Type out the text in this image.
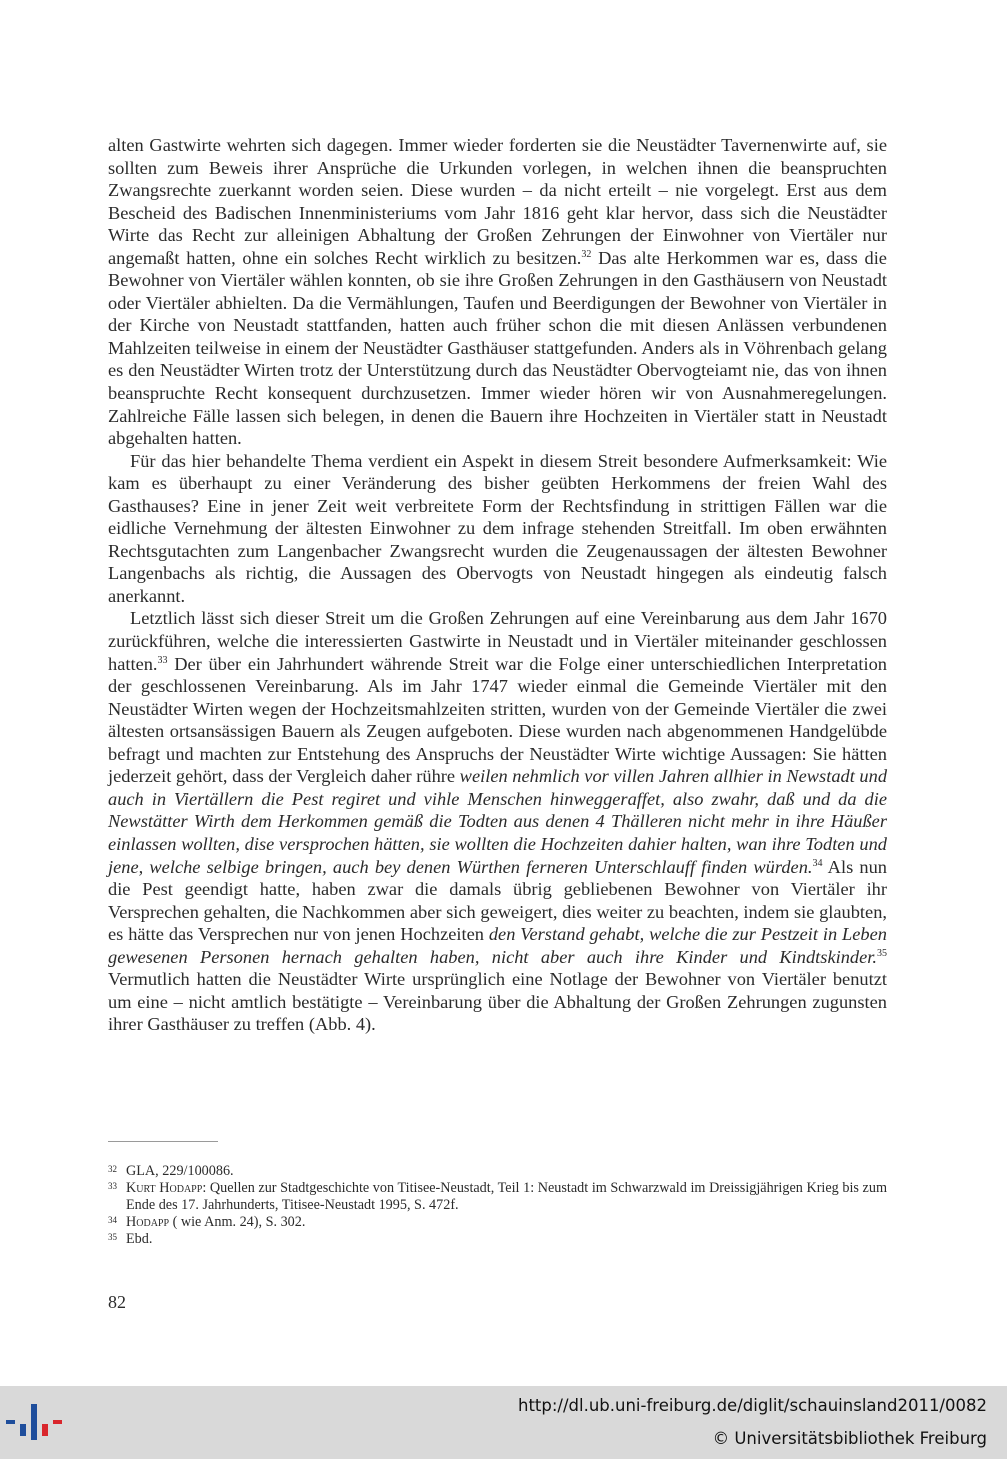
alten Gastwirte wehrten sich dagegen. Immer wieder forderten sie die Neustädter Tavernenwirte auf, sie sollten zum Beweis ihrer Ansprüche die Urkunden vorlegen, in welchen ihnen die beanspruchten Zwangsrechte zuerkannt worden seien. Diese wurden – da nicht erteilt – nie vorgelegt. Erst aus dem Bescheid des Badischen Innenministeriums vom Jahr 1816 geht klar hervor, dass sich die Neustädter Wirte das Recht zur alleinigen Abhaltung der Großen Zehrungen der Einwohner von Viertäler nur angemaßt hatten, ohne ein solches Recht wirklich zu besitzen.$^{32}$ Das alte Herkommen war es, dass die Bewohner von Viertäler wählen konnten, ob sie ihre Großen Zehrungen in den Gasthäusern von Neustadt oder Viertäler abhielten. Da die Vermählungen, Taufen und Beerdigungen der Bewohner von Viertäler in der Kirche von Neustadt stattfanden, hatten auch früher schon die mit diesen Anlässen verbundenen Mahlzeiten teilweise in einem der Neustädter Gasthäuser stattgefunden. Anders als in Vöhrenbach gelang es den Neustädter Wirten trotz der Unterstützung durch das Neustädter Obervogteiamt nie, das von ihnen beanspruchte Recht konsequent durchzusetzen. Immer wieder hören wir von Ausnahmeregelungen. Zahlreiche Fälle lassen sich belegen, in denen die Bauern ihre Hochzeiten in Viertäler statt in Neustadt abgehalten hatten.

Für das hier behandelte Thema verdient ein Aspekt in diesem Streit besondere Aufmerksamkeit: Wie kam es überhaupt zu einer Veränderung des bisher geübten Herkommens der freien Wahl des Gasthauses? Eine in jener Zeit weit verbreitete Form der Rechtsfindung in strittigen Fällen war die eidliche Vernehmung der ältesten Einwohner zu dem infrage stehenden Streitfall. Im oben erwähnten Rechtsgutachten zum Langenbacher Zwangsrecht wurden die Zeugenaussagen der ältesten Bewohner Langenbachs als richtig, die Aussagen des Obervogts von Neustadt hingegen als eindeutig falsch anerkannt.

Letztlich lässt sich dieser Streit um die Großen Zehrungen auf eine Vereinbarung aus dem Jahr 1670 zurückführen, welche die interessierten Gastwirte in Neustadt und in Viertäler miteinander geschlossen hatten.$^{33}$ Der über ein Jahrhundert währende Streit war die Folge einer unterschiedlichen Interpretation der geschlossenen Vereinbarung. Als im Jahr 1747 wieder einmal die Gemeinde Viertäler mit den Neustädter Wirten wegen der Hochzeitsmahlzeiten stritten, wurden von der Gemeinde Viertäler die zwei ältesten ortsansässigen Bauern als Zeugen aufgeboten. Diese wurden nach abgenommenen Handgelübde befragt und machten zur Entstehung des Anspruchs der Neustädter Wirte wichtige Aussagen: Sie hätten jederzeit gehört, dass der Vergleich daher rühre weilen nehmlich vor villen Jahren allhier in Newstadt und auch in Viertällern die Pest regiret und vihle Menschen hinweggeraffet, also zwahr, daß und da die Newstätter Wirth dem Herkommen gemäß die Todten aus denen 4 Thälleren nicht mehr in ihre Häußer einlassen wollten, dise versprochen hätten, sie wollten die Hochzeiten dahier halten, wan ihre Todten und jene, welche selbige bringen, auch bey denen Würthen ferneren Unterschlauff finden würden.$^{34}$ Als nun die Pest geendigt hatte, haben zwar die damals übrig gebliebenen Bewohner von Viertäler ihr Versprechen gehalten, die Nachkommen aber sich geweigert, dies weiter zu beachten, indem sie glaubten, es hätte das Versprechen nur von jenen Hochzeiten den Verstand gehabt, welche die zur Pestzeit in Leben gewesenen Personen hernach gehalten haben, nicht aber auch ihre Kinder und Kindtskinder.$^{35}$ Vermutlich hatten die Neustädter Wirte ursprünglich eine Notlage der Bewohner von Viertäler benutzt um eine – nicht amtlich bestätigte – Vereinbarung über die Abhaltung der Großen Zehrungen zugunsten ihrer Gasthäuser zu treffen (Abb. 4).

32 GLA, 229/100086.
33 Kurt Hodapp: Quellen zur Stadtgeschichte von Titisee-Neustadt, Teil 1: Neustadt im Schwarzwald im Dreissigjährigen Krieg bis zum Ende des 17. Jahrhunderts, Titisee-Neustadt 1995, S. 472f.
34 Hodapp ( wie Anm. 24), S. 302.
35 Ebd.
82
http://dl.ub.uni-freiburg.de/diglit/schauinsland2011/0082
© Universitätsbibliothek Freiburg
